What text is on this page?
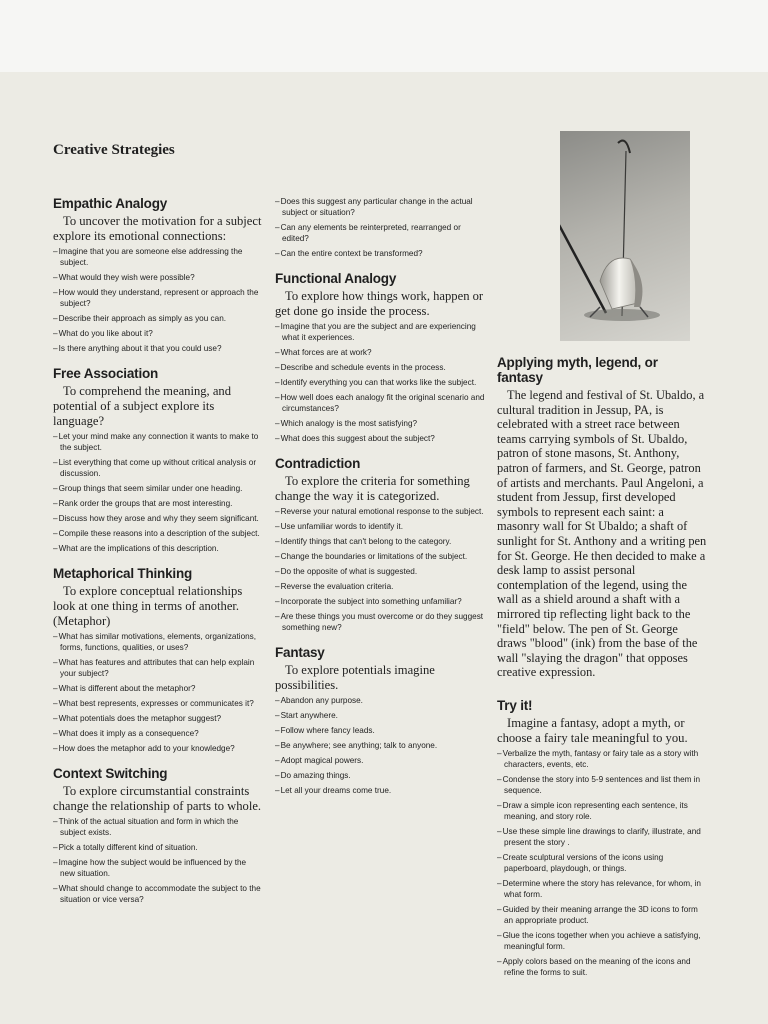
Creative Strategies
Empathic Analogy

To uncover the motivation for a subject explore its emotional connections:

– Imagine that you are someone else addressing the subject.
– What would they wish were possible?
– How would they understand, represent or approach the subject?
– Describe their approach as simply as you can.
– What do you like about it?
– Is there anything about it that you could use?
Free Association

To comprehend the meaning, and potential of a subject explore its language?

– Let your mind make any connection it wants to make to the subject.
– List everything that come up without critical analysis or discussion.
– Group things that seem similar under one heading.
– Rank order the groups that are most interesting.
– Discuss how they arose and why they seem significant.
– Compile these reasons into a description of the subject.
– What are the implications of this description.
Metaphorical Thinking

To explore conceptual relationships look at one thing in terms of another. (Metaphor)

– What has similar motivations, elements, organizations, forms, functions, qualities, or uses?
– What has features and attributes that can help explain your subject?
– What is different about the metaphor?
– What best represents, expresses or communicates it?
– What potentials does the metaphor suggest?
– What does it imply as a consequence?
– How does the metaphor add to your knowledge?
Context Switching

To explore circumstantial constraints change the relationship of parts to whole.

– Think of the actual situation and form in which the subject exists.
– Pick a totally different kind of situation.
– Imagine how the subject would be influenced by the new situation.
– What should change to accommodate the subject to the situation or vice versa?
– Does this suggest any particular change in the actual subject or situation?
– Can any elements be reinterpreted, rearranged or edited?
– Can the entire context be transformed?
Functional Analogy

To explore how things work, happen or get done go inside the process.

– Imagine that you are the subject and are experiencing what it experiences.
– What forces are at work?
– Describe and schedule events in the process.
– Identify everything you can that works like the subject.
– How well does each analogy fit the original scenario and circumstances?
– Which analogy is the most satisfying?
– What does this suggest about the subject?
Contradiction

To explore the criteria for something change the way it is categorized.

– Reverse your natural emotional response to the subject.
– Use unfamiliar words to identify it.
– Identify things that can't belong to the category.
– Change the boundaries or limitations of the subject.
– Do the opposite of what is suggested.
– Reverse the evaluation criteria.
– Incorporate the subject into something unfamiliar?
– Are these things you must overcome or do they suggest something new?
Fantasy

To explore potentials imagine possibilities.

– Abandon any purpose.
– Start anywhere.
– Follow where fancy leads.
– Be anywhere; see anything; talk to anyone.
– Adopt magical powers.
– Do amazing things.
– Let all your dreams come true.
Applying myth, legend, or fantasy

The legend and festival of St. Ubaldo, a cultural tradition in Jessup, PA, is celebrated with a street race between teams carrying symbols of St. Ubaldo, patron of stone masons, St. Anthony, patron of farmers, and St. George, patron of artists and merchants. Paul Angeloni, a student from Jessup, first developed symbols to represent each saint: a masonry wall for St Ubaldo; a shaft of sunlight for St. Anthony and a writing pen for St. George. He then decided to make a desk lamp to assist personal contemplation of the legend, using the wall as a shield around a shaft with a mirrored tip reflecting light back to the "field" below. The pen of St. George draws "blood" (ink) from the base of the wall "slaying the dragon" that opposes creative expression.

Try it!

Imagine a fantasy, adopt a myth, or choose a fairy tale meaningful to you.

– Verbalize the myth, fantasy or fairy tale as a story with characters, events, etc.
– Condense the story into 5-9 sentences and list them in sequence.
– Draw a simple icon representing each sentence, its meaning, and story role.
– Use these simple line drawings to clarify, illustrate, and present the story .
– Create sculptural versions of the icons using paperboard, playdough, or things.
– Determine where the story has relevance, for whom, in what form.
– Guided by their meaning arrange the 3D icons to form an appropriate product.
– Glue the icons together when you achieve a satisfying, meaningful form.
– Apply colors based on the meaning of the icons and refine the forms to suit.
